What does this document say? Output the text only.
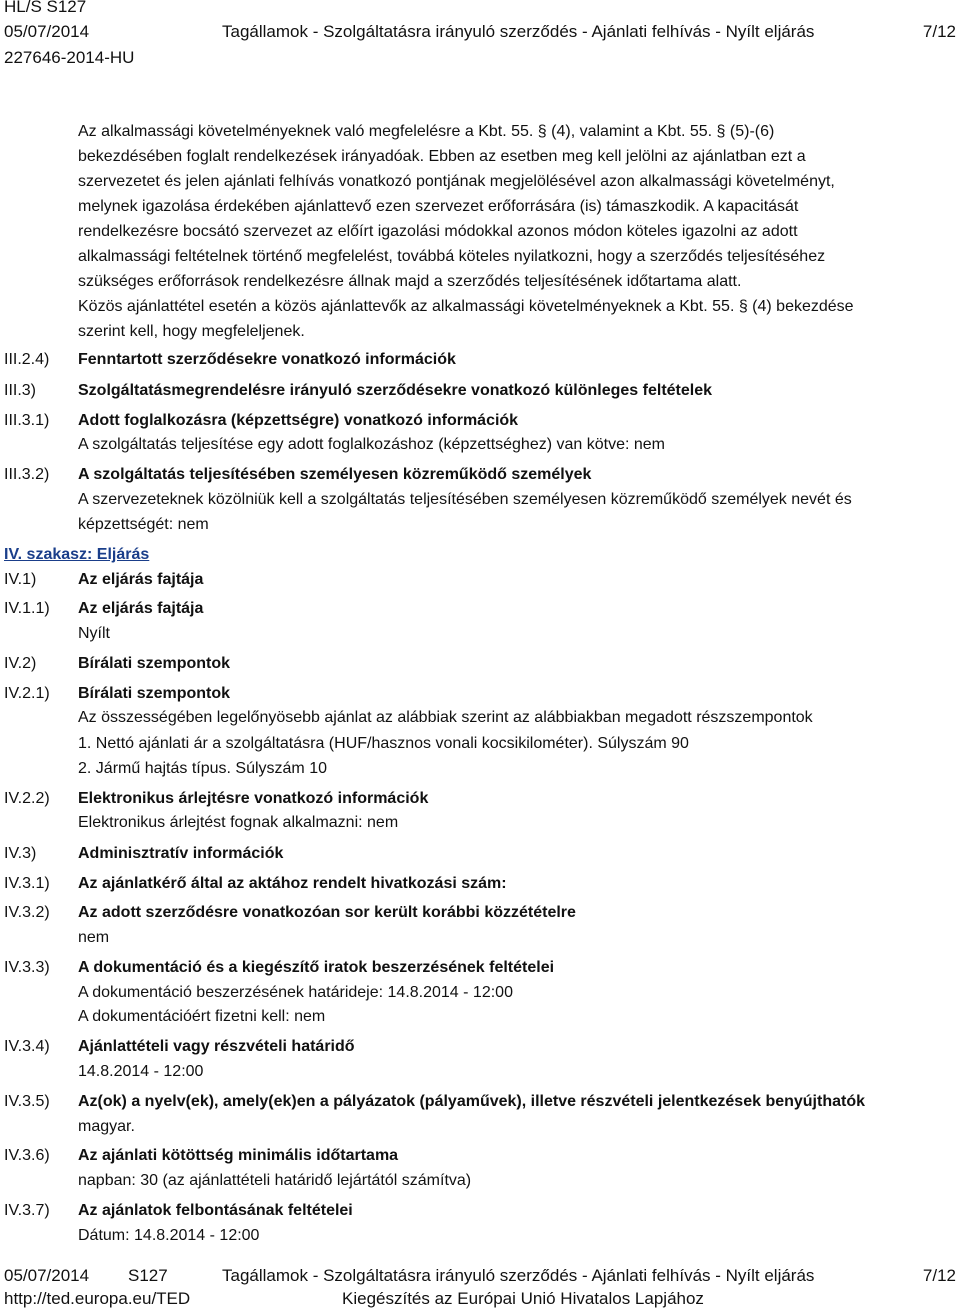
HL/S S127
05/07/2014	Tagállamok - Szolgáltatásra irányuló szerződés - Ajánlati felhívás - Nyílt eljárás	7/12
227646-2014-HU
Az alkalmassági követelményeknek való megfelelésre a Kbt. 55. § (4), valamint a Kbt. 55. § (5)-(6)
bekezdésében foglalt rendelkezések irányadóak. Ebben az esetben meg kell jelölni az ajánlatban ezt a
szervezetet és jelen ajánlati felhívás vonatkozó pontjának megjelölésével azon alkalmassági követelményt,
melynek igazolása érdekében ajánlattevő ezen szervezet erőforrására (is) támaszkodik. A kapacitását
rendelkezésre bocsátó szervezet az előírt igazolási módokkal azonos módon köteles igazolni az adott
alkalmassági feltételnek történő megfelelést, továbbá köteles nyilatkozni, hogy a szerződés teljesítéséhez
szükséges erőforrások rendelkezésre állnak majd a szerződés teljesítésének időtartama alatt.
Közös ajánlattétel esetén a közös ajánlattevők az alkalmassági követelményeknek a Kbt. 55. § (4) bekezdése
szerint kell, hogy megfeleljenek.
III.2.4) Fenntartott szerződésekre vonatkozó információk
III.3)	Szolgáltatásmegrendelésre irányuló szerződésekre vonatkozó különleges feltételek
III.3.1) Adott foglalkozásra (képzettségre) vonatkozó információk
A szolgáltatás teljesítése egy adott foglalkozáshoz (képzettséghez) van kötve: nem
III.3.2) A szolgáltatás teljesítésében személyesen közreműködő személyek
A szervezeteknek közölniük kell a szolgáltatás teljesítésében személyesen közreműködő személyek nevét és
képzettségét: nem
IV. szakasz: Eljárás
IV.1)	Az eljárás fajtája
IV.1.1) Az eljárás fajtája
Nyílt
IV.2)	Bírálati szempontok
IV.2.1) Bírálati szempontok
Az összességében legelőnyösebb ajánlat az alábbiak szerint az alábbiakban megadott részszempontok
1. Nettó ajánlati ár a szolgáltatásra (HUF/hasznos vonali kocsikilométer). Súlyszám 90
2. Jármű hajtás típus. Súlyszám 10
IV.2.2) Elektronikus árlejtésre vonatkozó információk
Elektronikus árlejtést fognak alkalmazni: nem
IV.3)	Adminisztratív információk
IV.3.1) Az ajánlatkérő által az aktához rendelt hivatkozási szám:
IV.3.2) Az adott szerződésre vonatkozóan sor került korábbi közzétételre
nem
IV.3.3) A dokumentáció és a kiegészítő iratok beszerzésének feltételei
A dokumentáció beszerzésének határideje: 14.8.2014 - 12:00
A dokumentációért fizetni kell: nem
IV.3.4) Ajánlattételi vagy részvételi határidő
14.8.2014 - 12:00
IV.3.5) Az(ok) a nyelv(ek), amely(ek)en a pályázatok (pályaművek), illetve részvételi jelentkezések benyújthatók
magyar.
IV.3.6) Az ajánlati kötöttség minimális időtartama
napban: 30 (az ajánlattételi határidő lejártától számítva)
IV.3.7) Az ajánlatok felbontásának feltételei
Dátum: 14.8.2014 - 12:00
05/07/2014 S127	Tagállamok - Szolgáltatásra irányuló szerződés - Ajánlati felhívás - Nyílt eljárás	7/12
http://ted.europa.eu/TED	Kiegészítés az Európai Unió Hivatalos Lapjához
